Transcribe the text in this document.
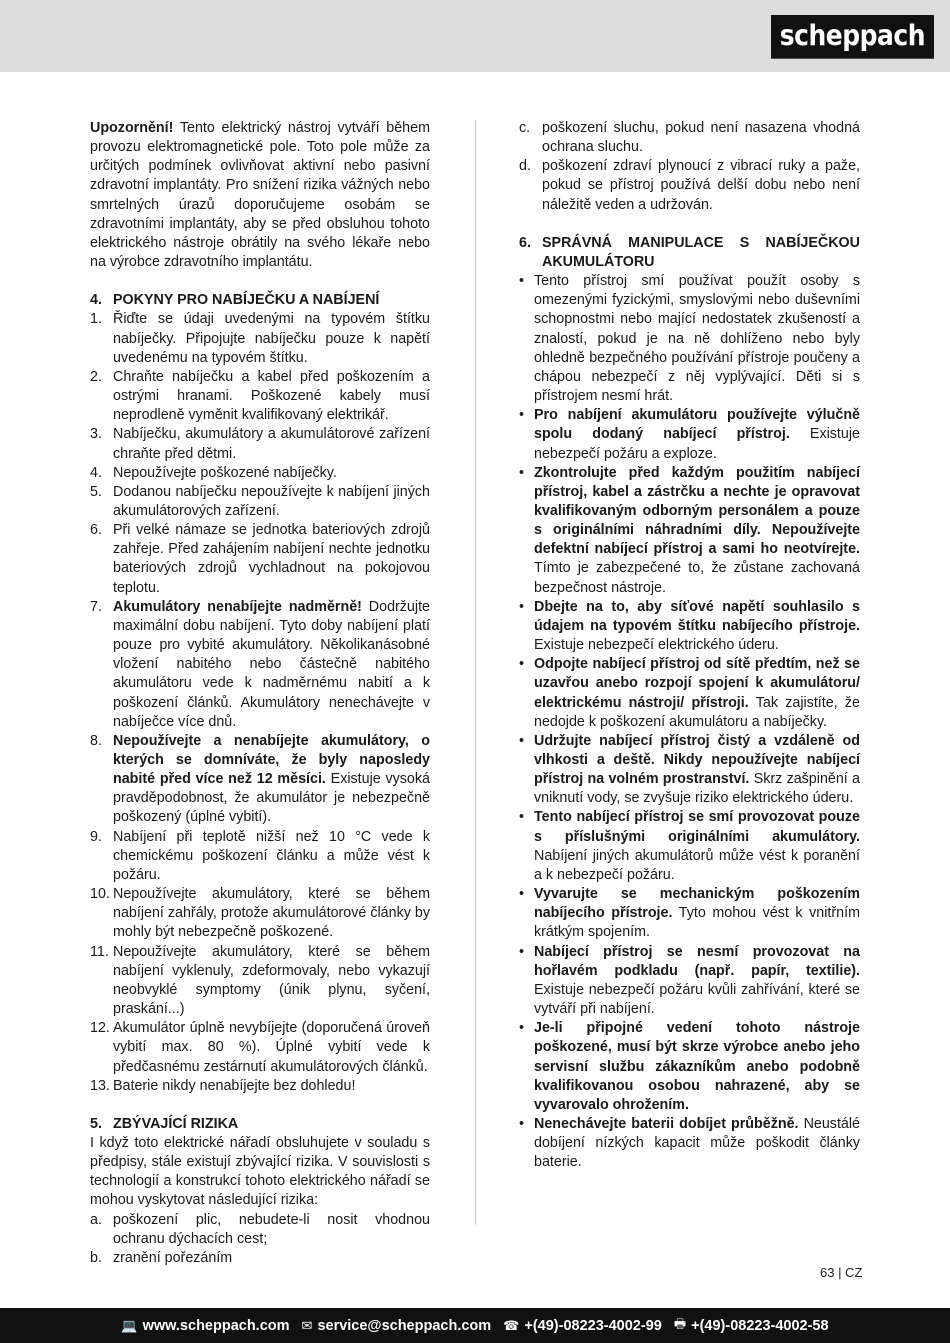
scheppach

Upozornění! Tento elektrický nástroj vytváří během provozu elektromagnetické pole. Toto pole může za určitých podmínek ovlivňovat aktivní nebo pasivní zdravotní implantáty. Pro snížení rizika vážných nebo smrtelných úrazů doporučujeme osobám se zdravotními implantáty, aby se před obsluhou tohoto elektrického nástroje obrátily na svého lékaře nebo na výrobce zdravotního implantátu.

4. POKYNY PRO NABÍJEČKU A NABÍJENÍ
1. Řiďte se údaji uvedenými na typovém štítku nabíječky. Připojujte nabíječku pouze k napětí uvedenému na typovém štítku.
2. Chraňte nabíječku a kabel před poškozením a ostrými hranami. Poškozené kabely musí neprodleně vyměnit kvalifikovaný elektrikář.
3. Nabíječku, akumulátory a akumulátorové zařízení chraňte před dětmi.
4. Nepoužívejte poškozené nabíječky.
5. Dodanou nabíječku nepoužívejte k nabíjení jiných akumulátorových zařízení.
6. Při velké námaze se jednotka bateriových zdrojů zahřeje. Před zahájením nabíjení nechte jednotku bateriových zdrojů vychladnout na pokojovou teplotu.
7. Akumulátory nenabíjejte nadměrně! Dodržujte maximální dobu nabíjení. Tyto doby nabíjení platí pouze pro vybité akumulátory. Několikanásobné vložení nabitého nebo částečně nabitého akumulátoru vede k nadměrnému nabití a k poškození článků. Akumulátory nenechávejte v nabíječce více dnů.
8. Nepoužívejte a nenabíjejte akumulátory, o kterých se domníváte, že byly naposledy nabité před více než 12 měsíci. Existuje vysoká pravděpodobnost, že akumulátor je nebezpečně poškozený (úplné vybití).
9. Nabíjení při teplotě nižší než 10 °C vede k chemickému poškození článku a může vést k požáru.
10. Nepoužívejte akumulátory, které se během nabíjení zahřály, protože akumulátorové články by mohly být nebezpečně poškozené.
11. Nepoužívejte akumulátory, které se během nabíjení vyklenuly, zdeformovaly, nebo vykazují neobvyklé symptomy (únik plynu, syčení, praskání...)
12. Akumulátor úplně nevybíjejte (doporučená úroveň vybití max. 80 %). Úplné vybití vede k předčasnému zestárnutí akumulátorových článků.
13. Baterie nikdy nenabíjejte bez dohledu!
5. ZBÝVAJÍCÍ RIZIKA

I když toto elektrické nářadí obsluhujete v souladu s předpisy, stále existují zbývající rizika. V souvislosti s technologií a konstrukcí tohoto elektrického nářadí se mohou vyskytovat následující rizika:

a. poškození plic, nebudete-li nosit vhodnou ochranu dýchacích cest;
b. zranění pořezáním
c. poškození sluchu, pokud není nasazena vhodná ochrana sluchu.
d. poškození zdraví plynoucí z vibrací ruky a paže, pokud se přístroj používá delší dobu nebo není náležitě veden a udržován.
6. SPRÁVNÁ MANIPULACE S NABÍJEČKOU AKUMULÁTORU
• Tento přístroj smí používat použít osoby s omezenými fyzickými, smyslovými nebo duševními schopnostmi nebo mající nedostatek zkušeností a znalostí, pokud je na ně dohlíženo nebo byly ohledně bezpečného používání přístroje poučeny a chápou nebezpečí z něj vyplývající. Děti si s přístrojem nesmí hrát.
• Pro nabíjení akumulátoru používejte výlučně spolu dodaný nabíjecí přístroj. Existuje nebezpečí požáru a exploze.
• Zkontrolujte před každým použitím nabíjecí přístroj, kabel a zástrčku a nechte je opravovat kvalifikovaným odborným personálem a pouze s originálními náhradními díly. Nepoužívejte defektní nabíjecí přístroj a sami ho neotvírejte. Tímto je zabezpečené to, že zůstane zachovaná bezpečnost nástroje.
• Dbejte na to, aby síťové napětí souhlasilo s údajem na typovém štítku nabíjecího přístroje. Existuje nebezpečí elektrického úderu.
• Odpojte nabíjecí přístroj od sítě předtím, než se uzavřou anebo rozpojí spojení k akumulátoru/ elektrickému nástroji/ přístroji. Tak zajistíte, že nedojde k poškození akumulátoru a nabíječky.
• Udržujte nabíjecí přístroj čistý a vzdáleně od vlhkosti a deště. Nikdy nepoužívejte nabíjecí přístroj na volném prostranství. Skrz zašpinění a vniknutí vody, se zvyšuje riziko elektrického úderu.
• Tento nabíjecí přístroj se smí provozovat pouze s příslušnými originálními akumulátory. Nabíjení jiných akumulátorů může vést k poranění a k nebezpečí požáru.
• Vyvarujte se mechanickým poškozením nabíjecího přístroje. Tyto mohou vést k vnitřním krátkým spojením.
• Nabíjecí přístroj se nesmí provozovat na hořlavém podkladu (např. papír, textilie). Existuje nebezpečí požáru kvůli zahřívání, které se vytváří při nabíjení.
• Je-li připojné vedení tohoto nástroje poškozené, musí být skrze výrobce anebo jeho servisní službu zákazníkům anebo podobně kvalifikovanou osobou nahrazené, aby se vyvarovalo ohrožením.
• Nenechávejte baterii dobíjet průběžně. Neustálé dobíjení nízkých kapacit může poškodit články baterie.
63 | CZ
💻 www.scheppach.com ✉ service@scheppach.com ☎ +(49)-08223-4002-99 🖶 +(49)-08223-4002-58
